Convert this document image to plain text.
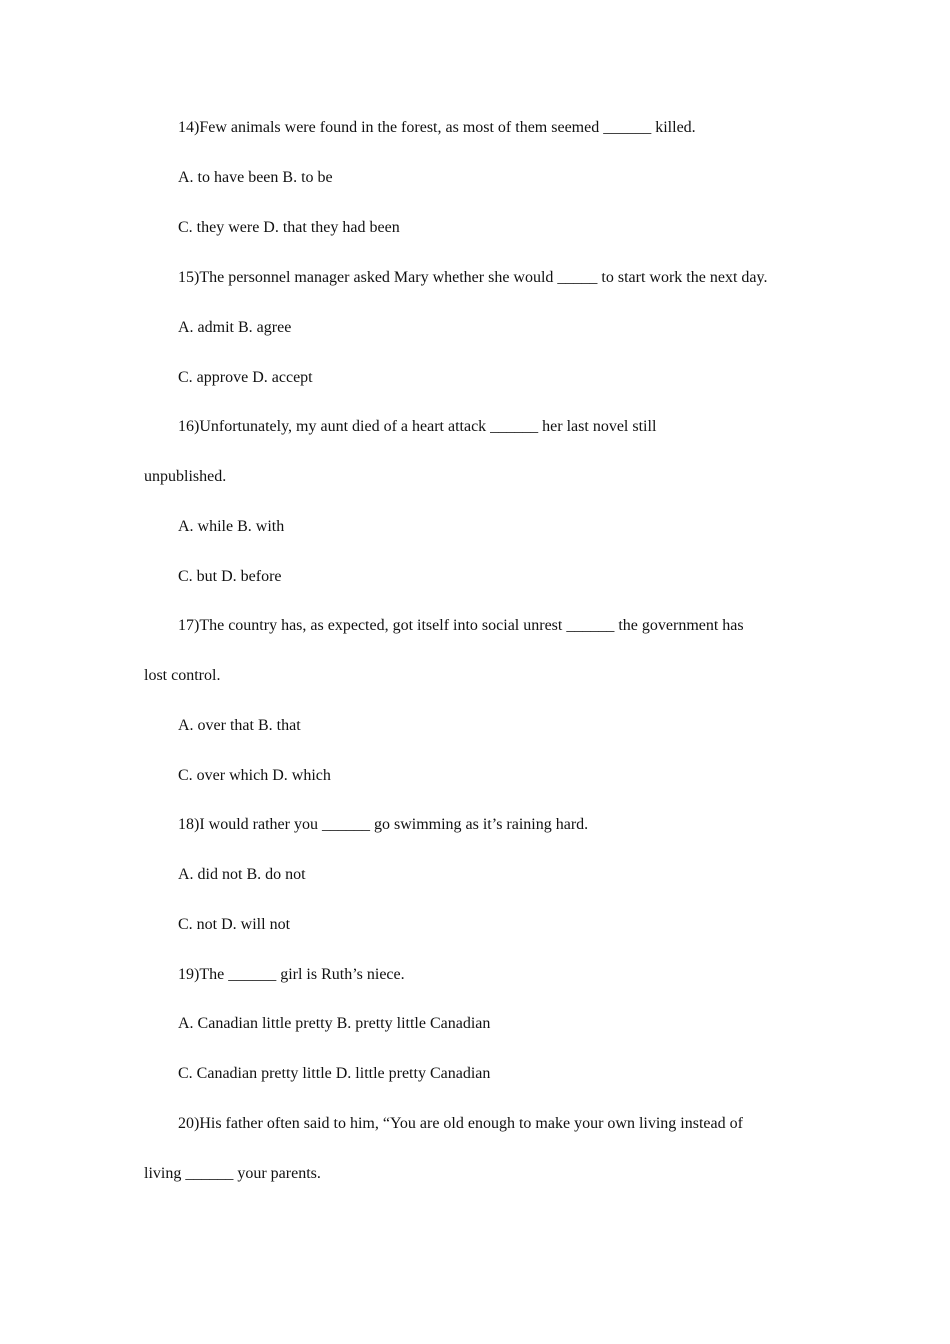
14)Few animals were found in the forest, as most of them seemed ______ killed.
A. to have been B. to be
C. they were D. that they had been
15)The personnel manager asked Mary whether she would _____ to start work the next day.
A. admit B. agree
C. approve D. accept
16)Unfortunately, my aunt died of a heart attack ______ her last novel still
unpublished.
A. while B. with
C. but D. before
17)The country has, as expected, got itself into social unrest ______ the government has
lost control.
A. over that B. that
C. over which D. which
18)I would rather you ______ go swimming as it’s raining hard.
A. did not B. do not
C. not D. will not
19)The ______ girl is Ruth’s niece.
A. Canadian little pretty B. pretty little Canadian
C. Canadian pretty little D. little pretty Canadian
20)His father often said to him, “You are old enough to make your own living instead of
living ______ your parents.
